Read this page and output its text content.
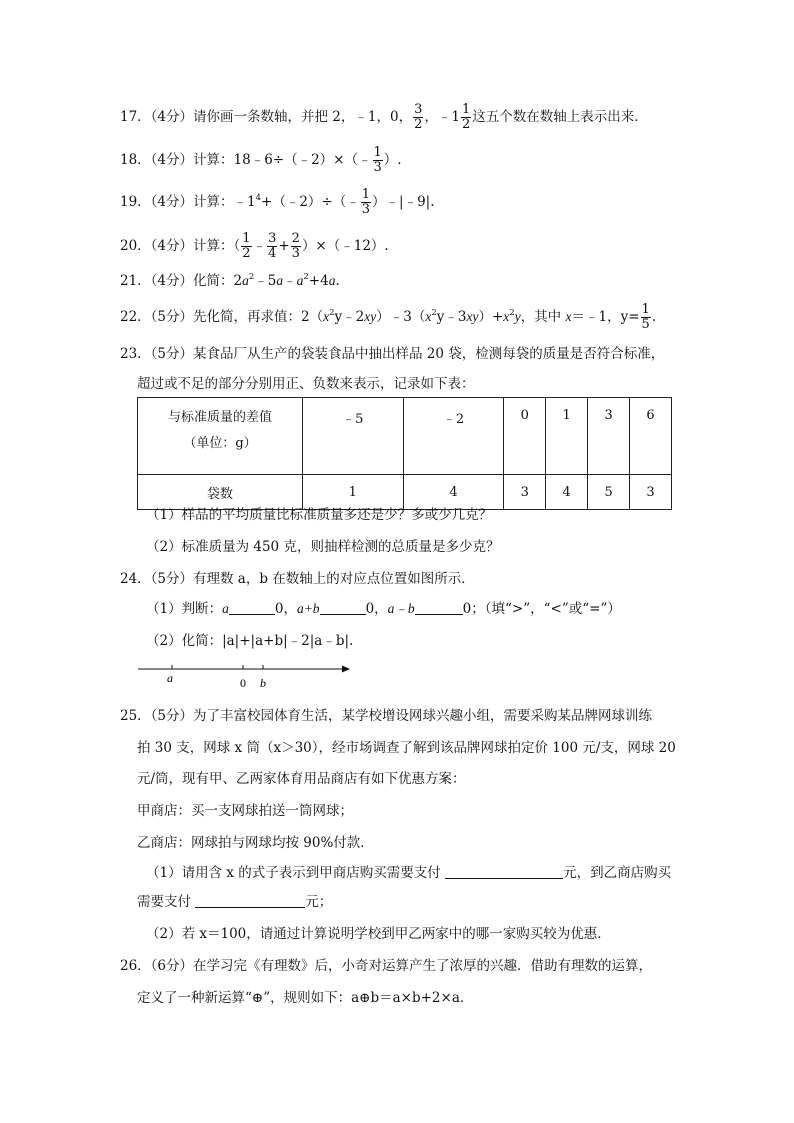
17．（4分）请你画一条数轴，并把 2，﹣1，0， $\frac{3}{2}$ ，﹣1 $\frac{1}{2}$ 这五个数在数轴上表示出来．
18．（4分）计算：18﹣6÷（﹣2）×（﹣ $\frac{1}{3}$ ）.
19．（4分）计算：$﹣1^4+(﹣2)\div(﹣ \frac{1}{3}$ ）﹣|﹣9|.
20．（4分）计算：（ $\frac{1}{2}$ ﹣ $\frac{3}{4} + \frac{2}{3}$ ）×（﹣12）.
21．（4分）化简：$2a^2﹣5a﹣a^2+4a$.
22．（5分）先化简，再求值：$2(x^2y﹣2xy)﹣3(x^2y﹣3xy)+x^2y$，其中 x＝﹣1，$y= \frac{1}{5}$ .
23．（5分）某食品厂从生产的袋装食品中抽出样品 20 袋，检测每袋的质量是否符合标准，
超过或不足的部分分别用正、负数来表示，记录如下表：
与标准质量的差值
（单位：g）	﹣5	﹣2	0	1	3	6
袋数	1	4	3	4	5	3
（1）样品的平均质量比标准质量多还是少？多或少几克？
（2）标准质量为 450 克，则抽样检测的总质量是多少克？
24．（5分）有理数 a，b 在数轴上的对应点位置如图所示．
（1）判断：a	0，a+b	0，a﹣b	0；（填“>”，“<”或“=”）
（2）化简：|a|+|a+b|﹣2|a﹣b|.
a	0 b
25．（5分）为了丰富校园体育生活，某学校增设网球兴趣小组，需要采购某品牌网球训练
拍 30 支，网球 x 筒（x＞30），经市场调查了解到该品牌网球拍定价 100 元/支，网球 20
元/筒，现有甲、乙两家体育用品商店有如下优惠方案：
甲商店：买一支网球拍送一筒网球；
乙商店：网球拍与网球均按 90%付款．
（1）请用含 x 的式子表示到甲商店购买需要支付	元，到乙商店购买
需要支付	元；
（2）若 x＝100，请通过计算说明学校到甲乙两家中的哪一家购买较为优惠．
26．（6分）在学习完《有理数》后，小奇对运算产生了浓厚的兴趣．借助有理数的运算，
定义了一种新运算“⊕”，规则如下：a⊕b＝a×b+2×a．
